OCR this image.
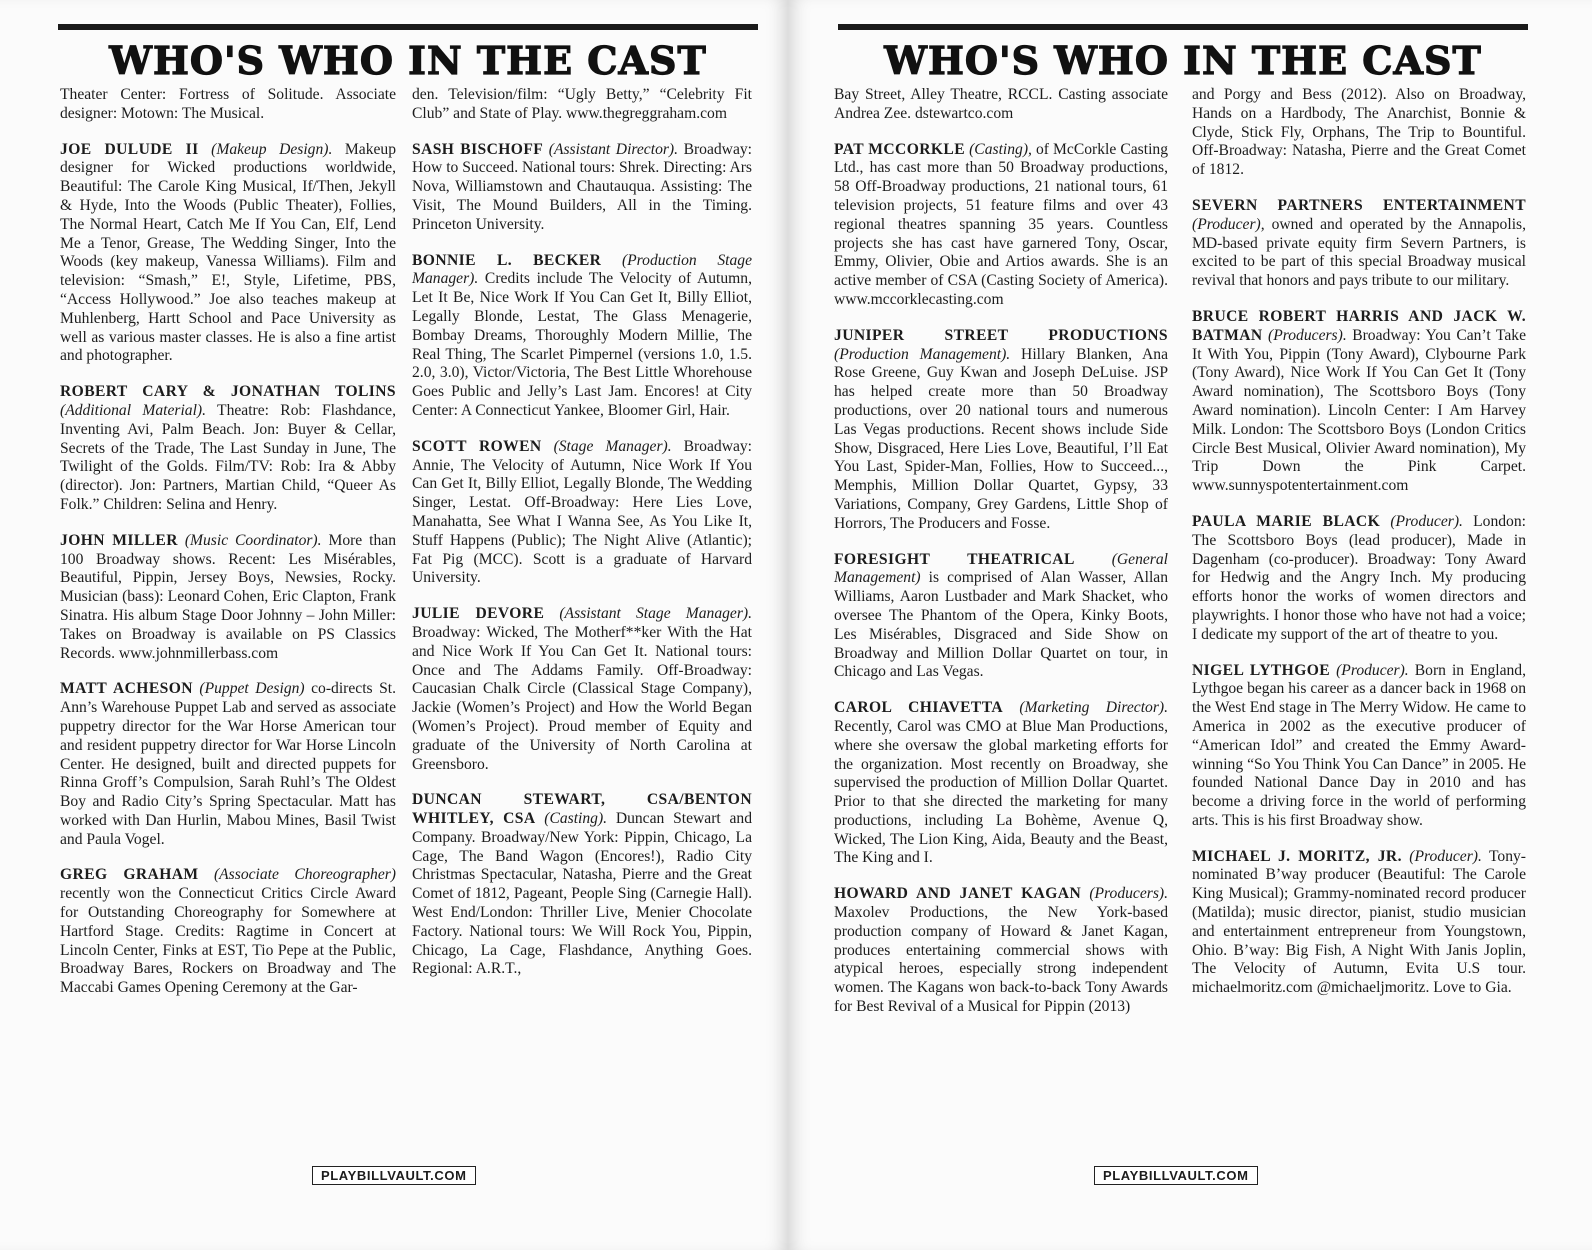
WHO'S WHO IN THE CAST

Theater Center: Fortress of Solitude. Associate designer: Motown: The Musical.

JOE DULUDE II (Makeup Design). Makeup designer for Wicked productions worldwide, Beautiful: The Carole King Musical, If/Then, Jekyll & Hyde, Into the Woods (Public Theater), Follies, The Normal Heart, Catch Me If You Can, Elf, Lend Me a Tenor, Grease, The Wedding Singer, Into the Woods (key makeup, Vanessa Williams). Film and television: “Smash,” E!, Style, Lifetime, PBS, “Access Hollywood.” Joe also teaches makeup at Muhlenberg, Hartt School and Pace University as well as various master classes. He is also a fine artist and photographer.

ROBERT CARY & JONATHAN TOLINS (Additional Material). Theatre: Rob: Flashdance, Inventing Avi, Palm Beach. Jon: Buyer & Cellar, Secrets of the Trade, The Last Sunday in June, The Twilight of the Golds. Film/TV: Rob: Ira & Abby (director). Jon: Partners, Martian Child, “Queer As Folk.” Children: Selina and Henry.

JOHN MILLER (Music Coordinator). More than 100 Broadway shows. Recent: Les Misérables, Beautiful, Pippin, Jersey Boys, Newsies, Rocky. Musician (bass): Leonard Cohen, Eric Clapton, Frank Sinatra. His album Stage Door Johnny – John Miller: Takes on Broadway is available on PS Classics Records. www.johnmillerbass.com

MATT ACHESON (Puppet Design) co-directs St. Ann’s Warehouse Puppet Lab and served as associate puppetry director for the War Horse American tour and resident puppetry director for War Horse Lincoln Center. He designed, built and directed puppets for Rinna Groff’s Compulsion, Sarah Ruhl’s The Oldest Boy and Radio City’s Spring Spectacular. Matt has worked with Dan Hurlin, Mabou Mines, Basil Twist and Paula Vogel.

GREG GRAHAM (Associate Choreographer) recently won the Connecticut Critics Circle Award for Outstanding Choreography for Somewhere at Hartford Stage. Credits: Ragtime in Concert at Lincoln Center, Finks at EST, Tio Pepe at the Public, Broadway Bares, Rockers on Broadway and The Maccabi Games Opening Ceremony at the Gar-

den. Television/film: “Ugly Betty,” “Celebrity Fit Club” and State of Play. www.thegreggraham.com

SASH BISCHOFF (Assistant Director). Broadway: How to Succeed. National tours: Shrek. Directing: Ars Nova, Williamstown and Chautauqua. Assisting: The Visit, The Mound Builders, All in the Timing. Princeton University.

BONNIE L. BECKER (Production Stage Manager). Credits include The Velocity of Autumn, Let It Be, Nice Work If You Can Get It, Billy Elliot, Legally Blonde, Lestat, The Glass Menagerie, Bombay Dreams, Thoroughly Modern Millie, The Real Thing, The Scarlet Pimpernel (versions 1.0, 1.5. 2.0, 3.0), Victor/Victoria, The Best Little Whorehouse Goes Public and Jelly’s Last Jam. Encores! at City Center: A Connecticut Yankee, Bloomer Girl, Hair.

SCOTT ROWEN (Stage Manager). Broadway: Annie, The Velocity of Autumn, Nice Work If You Can Get It, Billy Elliot, Legally Blonde, The Wedding Singer, Lestat. Off-Broadway: Here Lies Love, Manahatta, See What I Wanna See, As You Like It, Stuff Happens (Public); The Night Alive (Atlantic); Fat Pig (MCC). Scott is a graduate of Harvard University.

JULIE DEVORE (Assistant Stage Manager). Broadway: Wicked, The Motherf**ker With the Hat and Nice Work If You Can Get It. National tours: Once and The Addams Family. Off-Broadway: Caucasian Chalk Circle (Classical Stage Company), Jackie (Women’s Project) and How the World Began (Women’s Project). Proud member of Equity and graduate of the University of North Carolina at Greensboro.

DUNCAN STEWART, CSA/BENTON WHITLEY, CSA (Casting). Duncan Stewart and Company. Broadway/New York: Pippin, Chicago, La Cage, The Band Wagon (Encores!), Radio City Christmas Spectacular, Natasha, Pierre and the Great Comet of 1812, Pageant, People Sing (Carnegie Hall). West End/London: Thriller Live, Menier Chocolate Factory. National tours: We Will Rock You, Pippin, Chicago, La Cage, Flashdance, Anything Goes. Regional: A.R.T.,

PLAYBILLVAULT.COM
WHO'S WHO IN THE CAST

Bay Street, Alley Theatre, RCCL. Casting associate Andrea Zee. dstewartco.com

PAT MCCORKLE (Casting), of McCorkle Casting Ltd., has cast more than 50 Broadway productions, 58 Off-Broadway productions, 21 national tours, 61 television projects, 51 feature films and over 43 regional theatres spanning 35 years. Countless projects she has cast have garnered Tony, Oscar, Emmy, Olivier, Obie and Artios awards. She is an active member of CSA (Casting Society of America). www.mccorklecasting.com

JUNIPER STREET PRODUCTIONS (Production Management). Hillary Blanken, Ana Rose Greene, Guy Kwan and Joseph DeLuise. JSP has helped create more than 50 Broadway productions, over 20 national tours and numerous Las Vegas productions. Recent shows include Side Show, Disgraced, Here Lies Love, Beautiful, I’ll Eat You Last, Spider-Man, Follies, How to Succeed..., Memphis, Million Dollar Quartet, Gypsy, 33 Variations, Company, Grey Gardens, Little Shop of Horrors, The Producers and Fosse.

FORESIGHT THEATRICAL (General Management) is comprised of Alan Wasser, Allan Williams, Aaron Lustbader and Mark Shacket, who oversee The Phantom of the Opera, Kinky Boots, Les Misérables, Disgraced and Side Show on Broadway and Million Dollar Quartet on tour, in Chicago and Las Vegas.

CAROL CHIAVETTA (Marketing Director). Recently, Carol was CMO at Blue Man Productions, where she oversaw the global marketing efforts for the organization. Most recently on Broadway, she supervised the production of Million Dollar Quartet. Prior to that she directed the marketing for many productions, including La Bohème, Avenue Q, Wicked, The Lion King, Aida, Beauty and the Beast, The King and I.

HOWARD AND JANET KAGAN (Producers). Maxolev Productions, the New York-based production company of Howard & Janet Kagan, produces entertaining commercial shows with atypical heroes, especially strong independent women. The Kagans won back-to-back Tony Awards for Best Revival of a Musical for Pippin (2013)

and Porgy and Bess (2012). Also on Broadway, Hands on a Hardbody, The Anarchist, Bonnie & Clyde, Stick Fly, Orphans, The Trip to Bountiful. Off-Broadway: Natasha, Pierre and the Great Comet of 1812.

SEVERN PARTNERS ENTERTAINMENT (Producer), owned and operated by the Annapolis, MD-based private equity firm Severn Partners, is excited to be part of this special Broadway musical revival that honors and pays tribute to our military.

BRUCE ROBERT HARRIS AND JACK W. BATMAN (Producers). Broadway: You Can’t Take It With You, Pippin (Tony Award), Clybourne Park (Tony Award), Nice Work If You Can Get It (Tony Award nomination), The Scottsboro Boys (Tony Award nomination). Lincoln Center: I Am Harvey Milk. London: The Scottsboro Boys (London Critics Circle Best Musical, Olivier Award nomination), My Trip Down the Pink Carpet. www.sunnyspotentertainment.com

PAULA MARIE BLACK (Producer). London: The Scottsboro Boys (lead producer), Made in Dagenham (co-producer). Broadway: Tony Award for Hedwig and the Angry Inch. My producing efforts honor the works of women directors and playwrights. I honor those who have not had a voice; I dedicate my support of the art of theatre to you.

NIGEL LYTHGOE (Producer). Born in England, Lythgoe began his career as a dancer back in 1968 on the West End stage in The Merry Widow. He came to America in 2002 as the executive producer of “American Idol” and created the Emmy Award-winning “So You Think You Can Dance” in 2005. He founded National Dance Day in 2010 and has become a driving force in the world of performing arts. This is his first Broadway show.

MICHAEL J. MORITZ, JR. (Producer). Tony-nominated B’way producer (Beautiful: The Carole King Musical); Grammy-nominated record producer (Matilda); music director, pianist, studio musician and entertainment entrepreneur from Youngstown, Ohio. B’way: Big Fish, A Night With Janis Joplin, The Velocity of Autumn, Evita U.S tour. michaelmoritz.com @michaeljmoritz. Love to Gia.

PLAYBILLVAULT.COM
